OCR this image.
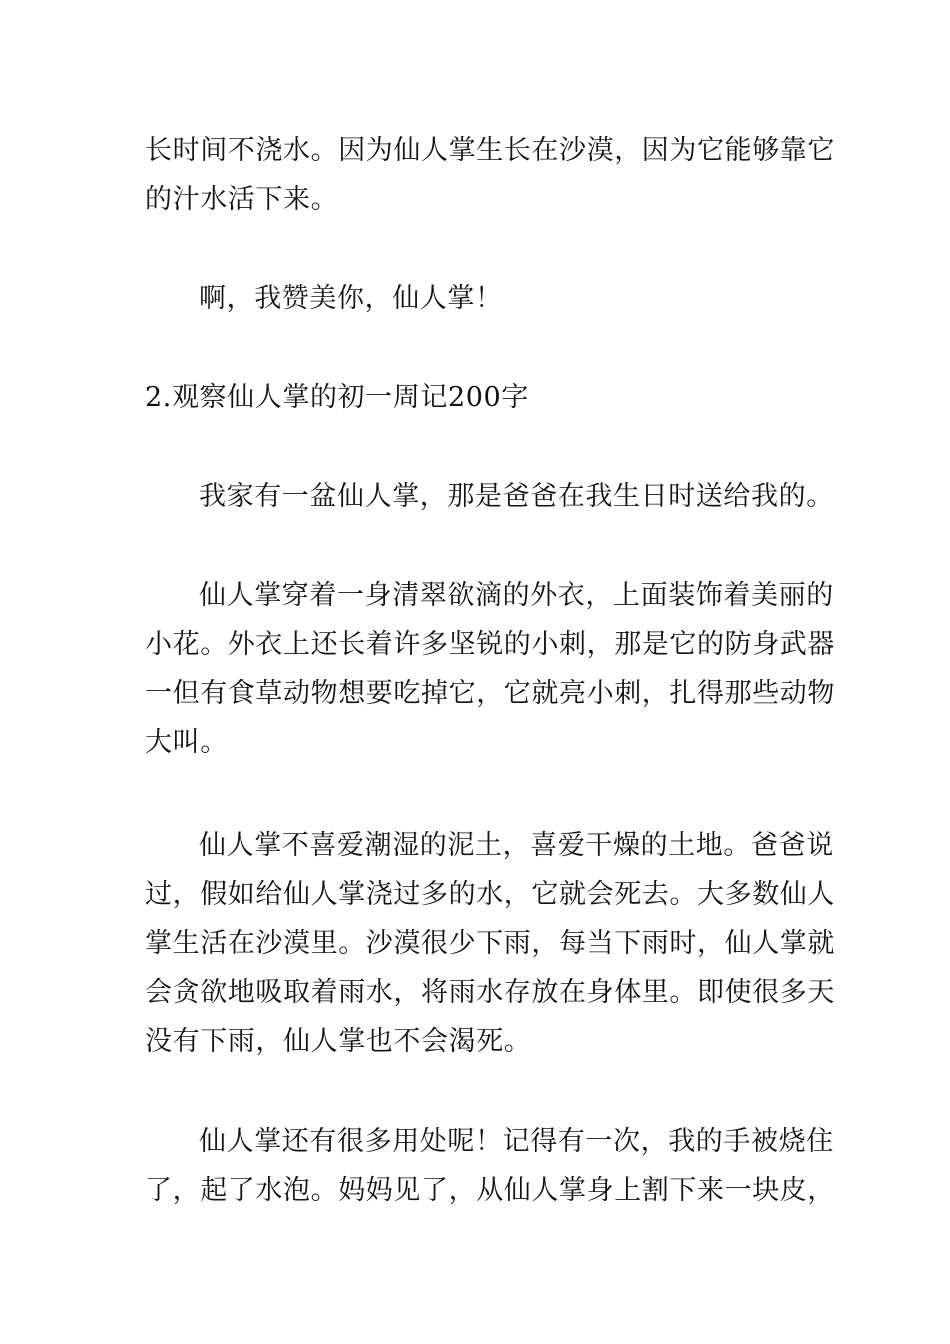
长时间不浇水。因为仙人掌生长在沙漠，因为它能够靠它
的汁水活下来。
啊，我赞美你，仙人掌！
2.观察仙人掌的初一周记200字
我家有一盆仙人掌，那是爸爸在我生日时送给我的。
仙人掌穿着一身清翠欲滴的外衣，上面装饰着美丽的
小花。外衣上还长着许多坚锐的小刺，那是它的防身武器
一但有食草动物想要吃掉它，它就亮小刺，扎得那些动物
大叫。
仙人掌不喜爱潮湿的泥土，喜爱干燥的土地。爸爸说
过，假如给仙人掌浇过多的水，它就会死去。大多数仙人
掌生活在沙漠里。沙漠很少下雨，每当下雨时，仙人掌就
会贪欲地吸取着雨水，将雨水存放在身体里。即使很多天
没有下雨，仙人掌也不会渴死。
仙人掌还有很多用处呢！记得有一次，我的手被烧住
了，起了水泡。妈妈见了，从仙人掌身上割下来一块皮，
